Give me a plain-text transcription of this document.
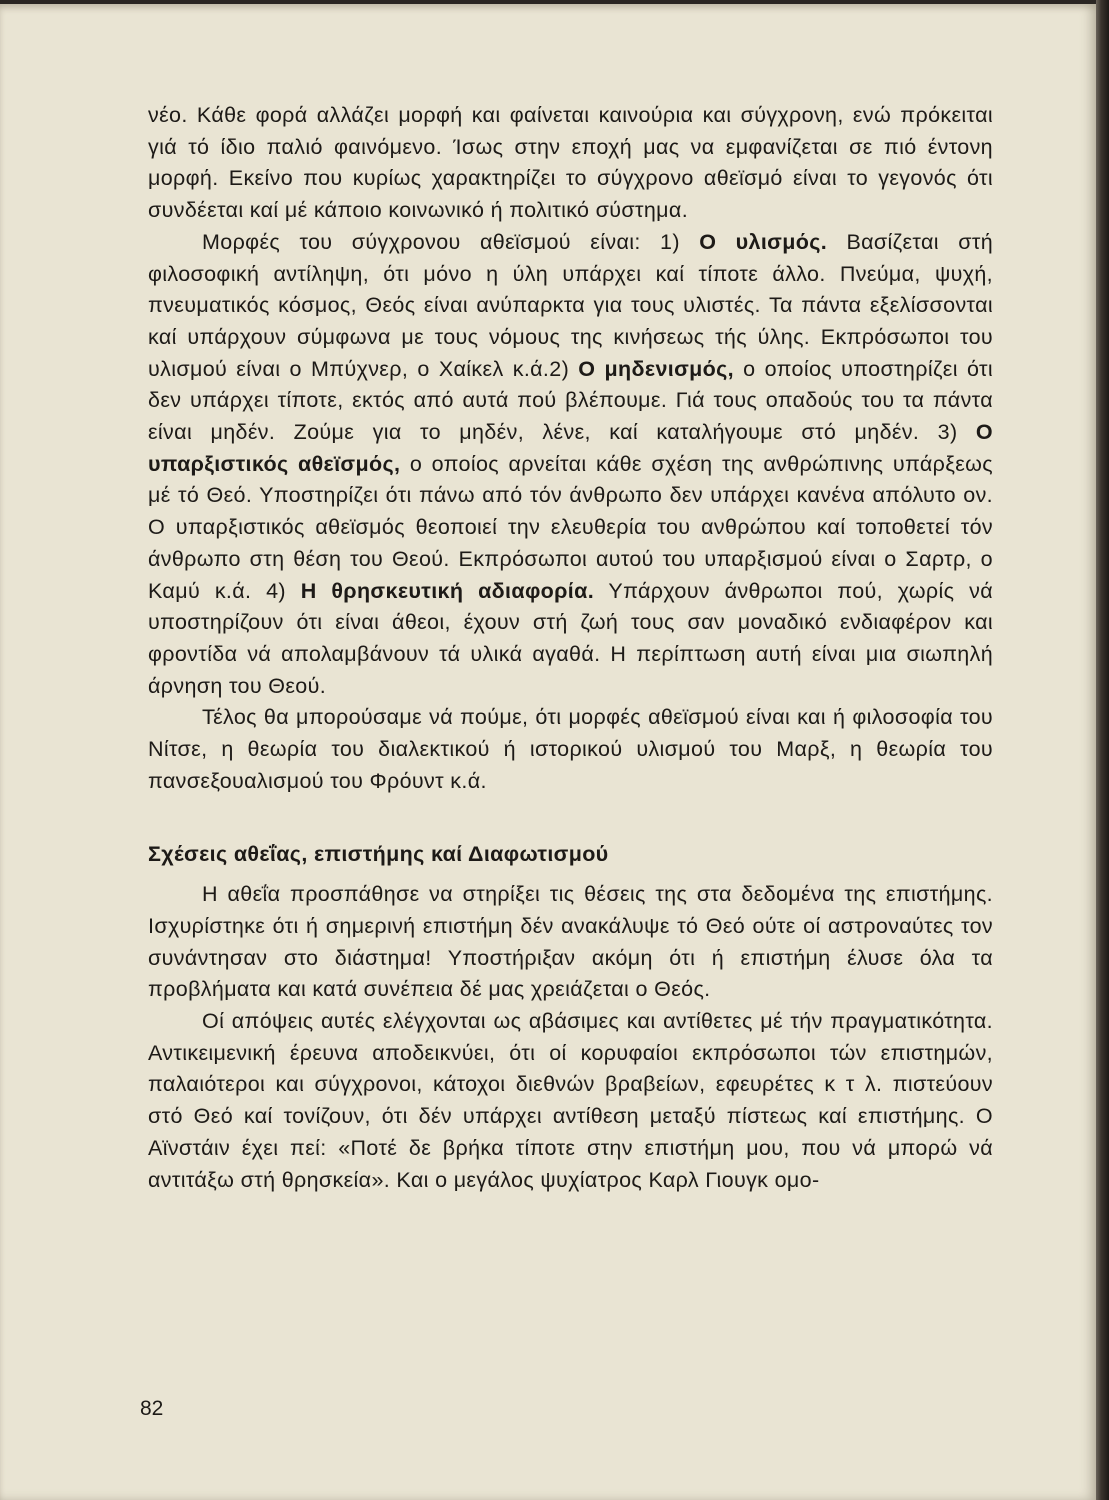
νέο. Κάθε φορά αλλάζει μορφή και φαίνεται καινούρια και σύγχρονη, ενώ πρόκειται γιά τό ίδιο παλιό φαινόμενο. Ίσως στην εποχή μας να εμφανίζεται σε πιό έντονη μορφή. Εκείνο που κυρίως χαρακτηρίζει το σύγχρονο αθεϊσμό είναι το γεγονός ότι συνδέεται καί μέ κάποιο κοινωνικό ή πολιτικό σύστημα.

Μορφές του σύγχρονου αθεϊσμού είναι: 1) Ο υλισμός. Βασίζεται στή φιλοσοφική αντίληψη, ότι μόνο η ύλη υπάρχει καί τίποτε άλλο. Πνεύμα, ψυχή, πνευματικός κόσμος, Θεός είναι ανύπαρκτα για τους υλιστές. Τα πάντα εξελίσσονται καί υπάρχουν σύμφωνα με τους νόμους της κινήσεως τής ύλης. Εκπρόσωποι του υλισμού είναι ο Μπύχνερ, ο Χαίκελ κ.ά.2) Ο μηδενισμός, ο οποίος υποστηρίζει ότι δεν υπάρχει τίποτε, εκτός από αυτά πού βλέπουμε. Γιά τους οπαδούς του τα πάντα είναι μηδέν. Ζούμε για το μηδέν, λένε, καί καταλήγουμε στό μηδέν. 3) Ο υπαρξιστικός αθεϊσμός, ο οποίος αρνείται κάθε σχέση της ανθρώπινης υπάρξεως μέ τό Θεό. Υποστηρίζει ότι πάνω από τόν άνθρωπο δεν υπάρχει κανένα απόλυτο ον. Ο υπαρξιστικός αθεϊσμός θεοποιεί την ελευθερία του ανθρώπου καί τοποθετεί τόν άνθρωπο στη θέση του Θεού. Εκπρόσωποι αυτού του υπαρξισμού είναι ο Σαρτρ, ο Καμύ κ.ά. 4) Η θρησκευτική αδιαφορία. Υπάρχουν άνθρωποι πού, χωρίς νά υποστηρίζουν ότι είναι άθεοι, έχουν στή ζωή τους σαν μοναδικό ενδιαφέρον και φροντίδα νά απολαμβάνουν τά υλικά αγαθά. Η περίπτωση αυτή είναι μια σιωπηλή άρνηση του Θεού.

Τέλος θα μπορούσαμε νά πούμε, ότι μορφές αθεϊσμού είναι και ή φιλοσοφία του Νίτσε, η θεωρία του διαλεκτικού ή ιστορικού υλισμού του Μαρξ, η θεωρία του πανσεξουαλισμού του Φρόυντ κ.ά.

Σχέσεις αθεΐας, επιστήμης καί Διαφωτισμού

Η αθεΐα προσπάθησε να στηρίξει τις θέσεις της στα δεδομένα της επιστήμης. Ισχυρίστηκε ότι ή σημερινή επιστήμη δέν ανακάλυψε τό Θεό ούτε οί αστροναύτες τον συνάντησαν στο διάστημα! Υποστήριξαν ακόμη ότι ή επιστήμη έλυσε όλα τα προβλήματα και κατά συνέπεια δέ μας χρειάζεται ο Θεός.

Οί απόψεις αυτές ελέγχονται ως αβάσιμες και αντίθετες μέ τήν πραγματικότητα. Αντικειμενική έρευνα αποδεικνύει, ότι οί κορυφαίοι εκπρόσωποι τών επιστημών, παλαιότεροι και σύγχρονοι, κάτοχοι διεθνών βραβείων, εφευρέτες κ τ λ. πιστεύουν στό Θεό καί τονίζουν, ότι δέν υπάρχει αντίθεση μεταξύ πίστεως καί επιστήμης. Ο Αϊνστάιν έχει πεί: «Ποτέ δε βρήκα τίποτε στην επιστήμη μου, που νά μπορώ νά αντιτάξω στή θρησκεία». Και ο μεγάλος ψυχίατρος Καρλ Γιουγκ ομο-

82
